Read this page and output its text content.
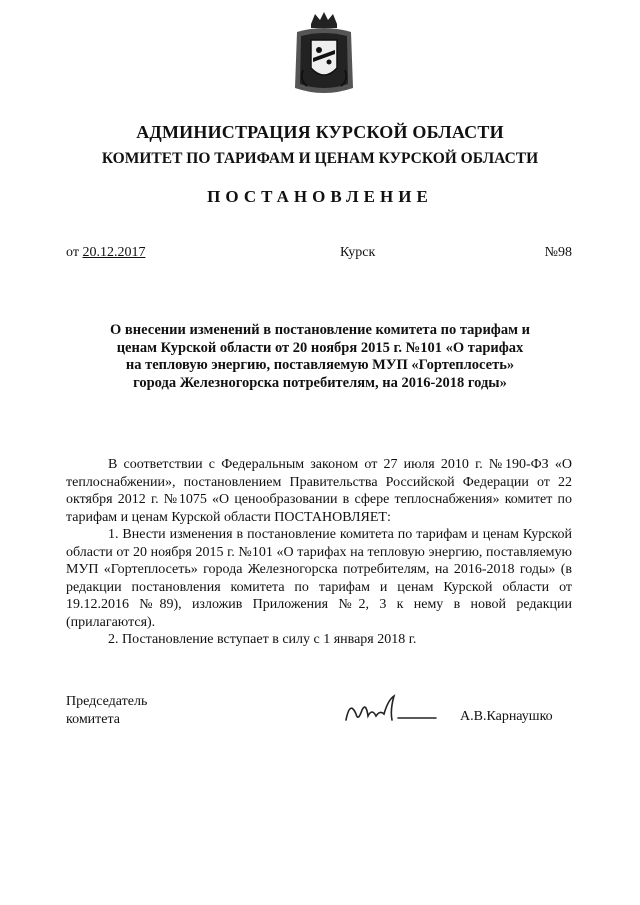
АДМИНИСТРАЦИЯ КУРСКОЙ ОБЛАСТИ
КОМИТЕТ ПО ТАРИФАМ И ЦЕНАМ КУРСКОЙ ОБЛАСТИ
ПОСТАНОВЛЕНИЕ
от 20.12.2017	Курск	№98
О внесении изменений в постановление комитета по тарифам и ценам Курской области от 20 ноября 2015 г. №101 «О тарифах на тепловую энергию, поставляемую МУП «Гортеплосеть» города Железногорска потребителям, на 2016-2018 годы»

В соответствии с Федеральным законом от 27 июля 2010 г. №190-ФЗ «О теплоснабжении», постановлением Правительства Российской Федерации от 22 октября 2012 г. №1075 «О ценообразовании в сфере теплоснабжения» комитет по тарифам и ценам Курской области ПОСТАНОВЛЯЕТ:

1. Внести изменения в постановление комитета по тарифам и ценам Курской области от 20 ноября 2015 г. №101 «О тарифах на тепловую энергию, поставляемую МУП «Гортеплосеть» города Железногорска потребителям, на 2016-2018 годы» (в редакции постановления комитета по тарифам и ценам Курской области от 19.12.2016 №89), изложив Приложения №2, 3 к нему в новой редакции (прилагаются).

2. Постановление вступает в силу с 1 января 2018 г.

Председатель
комитета	А.В.Карнаушко
